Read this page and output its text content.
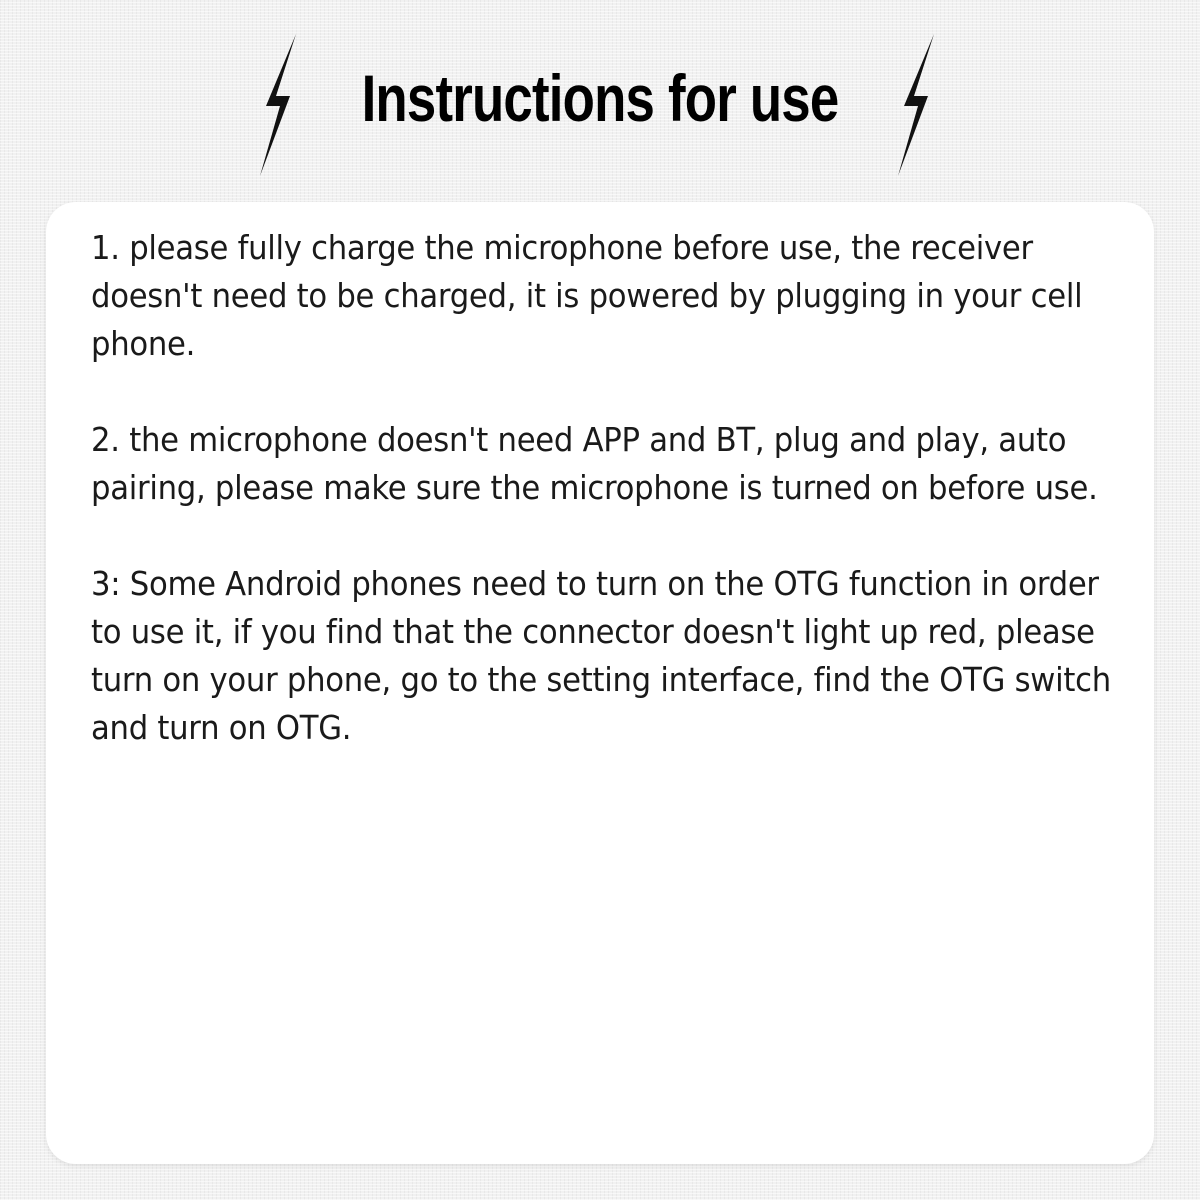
Instructions for use

1. please fully charge the microphone before use, the receiver doesn't need to be charged, it is powered by plugging in your cell phone.

2. the microphone doesn't need APP and BT, plug and play, auto pairing, please make sure the microphone is turned on before use.

3: Some Android phones need to turn on the OTG function in order to use it, if you find that the connector doesn't light up red, please turn on your phone, go to the setting interface, find the OTG switch and turn on OTG.
